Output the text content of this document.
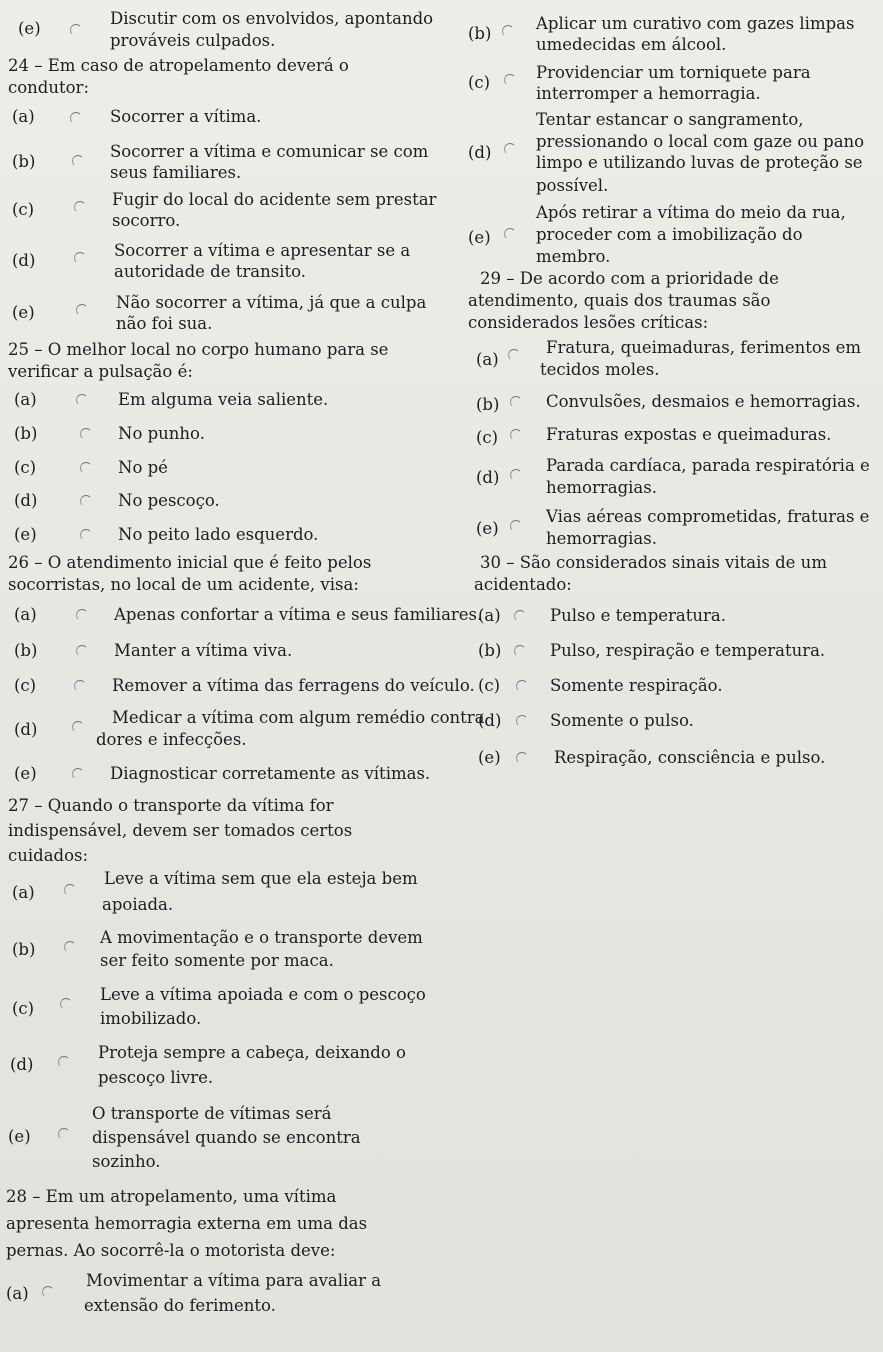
(e)
Discutir com os envolvidos, apontando
prováveis culpados.
24 – Em caso de atropelamento deverá o
condutor:
(a)	Socorrer a vítima.
(b)
Socorrer a vítima e comunicar se com
seus familiares.
(c)
Fugir do local do acidente sem prestar
socorro.
(d)
Socorrer a vítima e apresentar se a
autoridade de transito.
(e)
Não socorrer a vítima, já que a culpa
não foi sua.
25 – O melhor local no corpo humano para se
verificar a pulsação é:
(a)	Em alguma veia saliente.
(b)	No punho.
(c)	No pé
(d)	No pescoço.
(e)	No peito lado esquerdo.
26 – O atendimento inicial que é feito pelos
socorristas, no local de um acidente, visa:
(a)	Apenas confortar a vítima e seus familiares.
(b)	Manter a vítima viva.
(c)	Remover a vítima das ferragens do veículo.
(d)
Medicar a vítima com algum remédio contra
dores e infecções.
(e)	Diagnosticar corretamente as vítimas.
27 – Quando o transporte da vítima for
indispensável, devem ser tomados certos
cuidados:
(a)
Leve a vítima sem que ela esteja bem
apoiada.
(b)
A movimentação e o transporte devem
ser feito somente por maca.
(c)
Leve a vítima apoiada e com o pescoço
imobilizado.
(d)
Proteja sempre a cabeça, deixando o
pescoço livre.
(e)
O transporte de vítimas será
dispensável quando se encontra
sozinho.
28 – Em um atropelamento, uma vítima
apresenta hemorragia externa em uma das
pernas. Ao socorrê-la o motorista deve:
(a)
Movimentar a vítima para avaliar a
extensão do ferimento.
(b)
Aplicar um curativo com gazes limpas
umedecidas em álcool.
(c)
Providenciar um torniquete para
interromper a hemorragia.
(d)
Tentar estancar o sangramento,
pressionando o local com gaze ou pano
limpo e utilizando luvas de proteção se
possível.
(e)
Após retirar a vítima do meio da rua,
proceder com a imobilização do
membro.
29 – De acordo com a prioridade de
atendimento, quais dos traumas são
considerados lesões críticas:
(a)
Fratura, queimaduras, ferimentos em
tecidos moles.
(b)	Convulsões, desmaios e hemorragias.
(c)	Fraturas expostas e queimaduras.
(d)
Parada cardíaca, parada respiratória e
hemorragias.
(e)
Vias aéreas comprometidas, fraturas e
hemorragias.
30 – São considerados sinais vitais de um
acidentado:
(a)	Pulso e temperatura.
(b)	Pulso, respiração e temperatura.
(c)	Somente respiração.
(d)	Somente o pulso.
(e)	Respiração, consciência e pulso.
